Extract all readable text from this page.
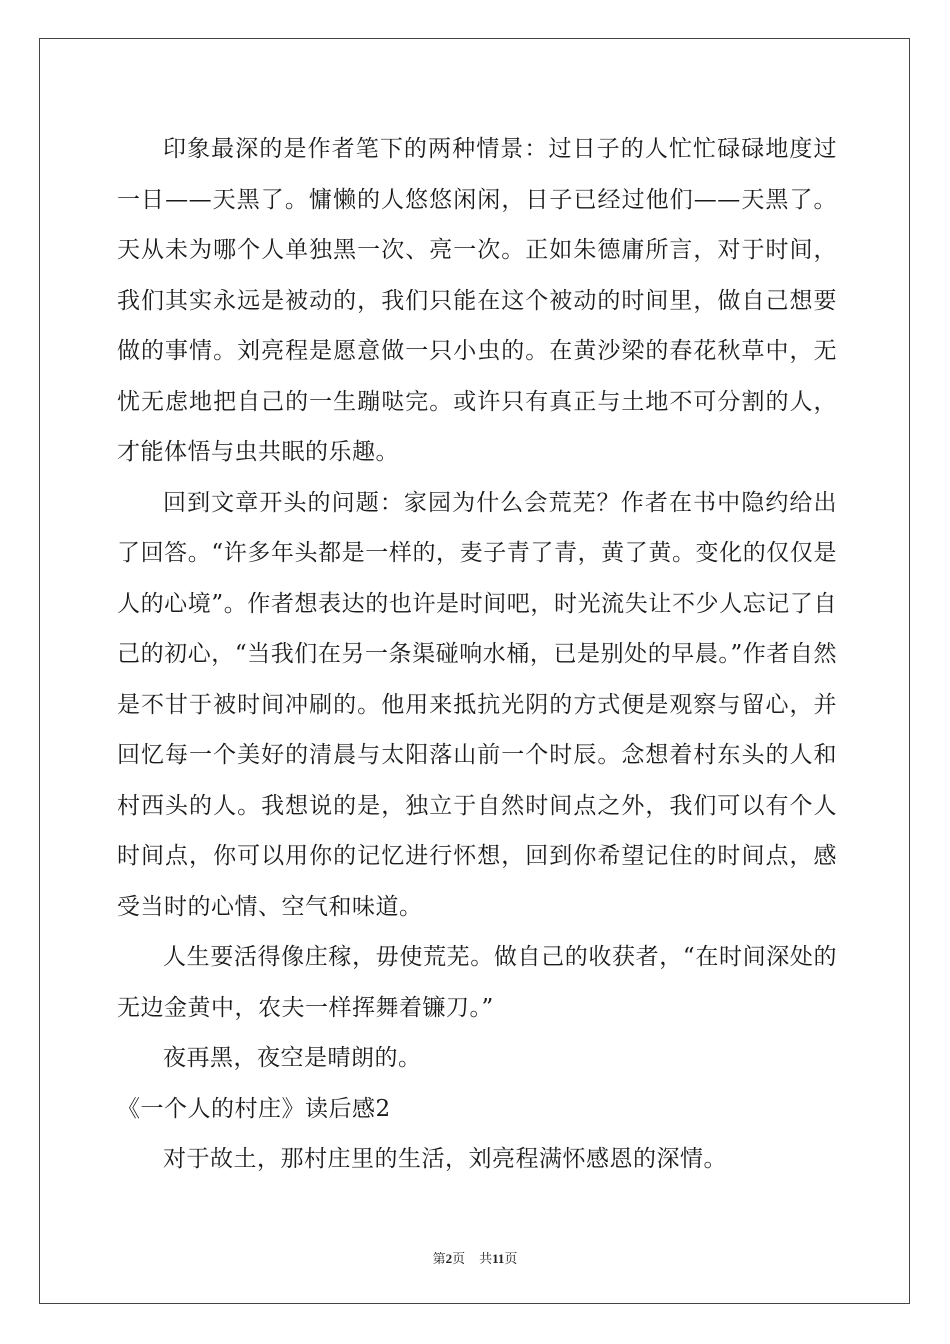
印象最深的是作者笔下的两种情景：过日子的人忙忙碌碌地度过一日——天黑了。慵懒的人悠悠闲闲，日子已经过他们——天黑了。天从未为哪个人单独黑一次、亮一次。正如朱德庸所言，对于时间，我们其实永远是被动的，我们只能在这个被动的时间里，做自己想要做的事情。刘亮程是愿意做一只小虫的。在黄沙梁的春花秋草中，无忧无虑地把自己的一生蹦哒完。或许只有真正与土地不可分割的人，才能体悟与虫共眠的乐趣。

回到文章开头的问题：家园为什么会荒芜？作者在书中隐约给出了回答。“许多年头都是一样的，麦子青了青，黄了黄。变化的仅仅是人的心境”。作者想表达的也许是时间吧，时光流失让不少人忘记了自己的初心，“当我们在另一条渠碰响水桶，已是别处的早晨。”作者自然是不甘于被时间冲刷的。他用来抵抗光阴的方式便是观察与留心，并回忆每一个美好的清晨与太阳落山前一个时辰。念想着村东头的人和村西头的人。我想说的是，独立于自然时间点之外，我们可以有个人时间点，你可以用你的记忆进行怀想，回到你希望记住的时间点，感受当时的心情、空气和味道。

人生要活得像庄稼，毋使荒芜。做自己的收获者，“在时间深处的无边金黄中，农夫一样挥舞着镰刀。”

夜再黑，夜空是晴朗的。

《一个人的村庄》读后感2

对于故土，那村庄里的生活，刘亮程满怀感恩的深情。

第2页 共11页
